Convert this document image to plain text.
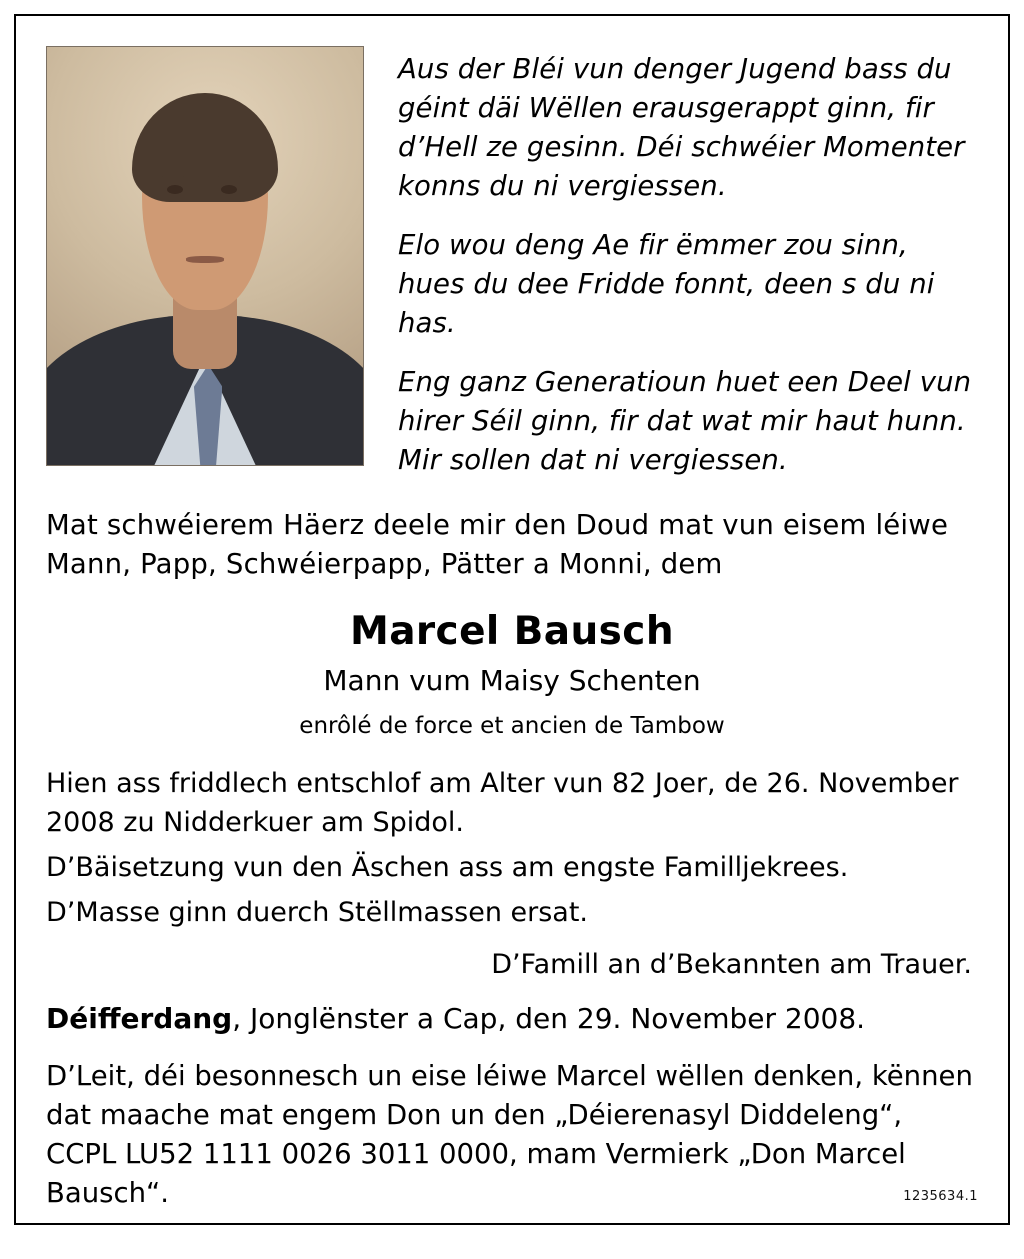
Aus der Bléi vun denger Jugend bass du géint däi Wëllen erausgerappt ginn, fir d’Hell ze gesinn. Déi schwéier Momenter konns du ni vergiessen.

Elo wou deng Ae fir ëmmer zou sinn, hues du dee Fridde fonnt, deen s du ni has.

Eng ganz Generatioun huet een Deel vun hirer Séil ginn, fir dat wat mir haut hunn. Mir sollen dat ni vergiessen.

Mat schwéierem Häerz deele mir den Doud mat vun eisem léiwe Mann, Papp, Schwéierpapp, Pätter a Monni, dem
Marcel Bausch
Mann vum Maisy Schenten
enrôlé de force et ancien de Tambow

Hien ass friddlech entschlof am Alter vun 82 Joer, de 26. November 2008 zu Nidderkuer am Spidol.

D’Bäisetzung vun den Äschen ass am engste Familljekrees.

D’Masse ginn duerch Stëllmassen ersat.

D’Famill an d’Bekannten am Trauer.
Déifferdang, Jonglënster a Cap, den 29. November 2008.
D’Leit, déi besonnesch un eise léiwe Marcel wëllen denken, kënnen dat maache mat engem Don un den „Déierenasyl Diddeleng“, CCPL LU52 1111 0026 3011 0000, mam Vermierk „Don Marcel Bausch“.	1235634.1
